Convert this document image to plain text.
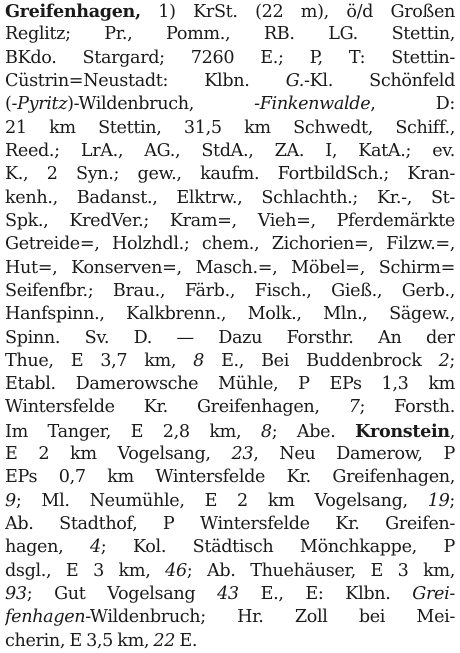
Greifenhagen, 1) KrSt. (22 m), ö/d Großen
Reglitz; Pr., Pomm., RB. LG. Stettin,
BKdo. Stargard; 7260 E.; P, T: Stettin-
Cüstrin=Neustadt: Klbn. G.-Kl. Schönfeld
(-Pyritz)-Wildenbruch, -Finkenwalde, D:
21 km Stettin, 31,5 km Schwedt, Schiff.,
Reed.; LrA., AG., StdA., ZA. I, KatA.; ev.
K., 2 Syn.; gew., kaufm. FortbildSch.; Kran-
kenh., Badanst., Elktrw., Schlachth.; Kr.-, St-
Spk., KredVer.; Kram=, Vieh=, Pferdemärkte
Getreide=, Holzhdl.; chem., Zichorien=, Filzw.=,
Hut=, Konserven=, Masch.=, Möbel=, Schirm=
Seifenfbr.; Brau., Färb., Fisch., Gieß., Gerb.,
Hanfspinn., Kalkbrenn., Molk., Mln., Sägew.,
Spinn. Sv. D. — Dazu Forsthr. An der
Thue, E 3,7 km, 8 E., Bei Buddenbrock 2;
Etabl. Damerowsche Mühle, P EPs 1,3 km
Wintersfelde Kr. Greifenhagen, 7; Forsth.
Im Tanger, E 2,8 km, 8; Abe. Kronstein,
E 2 km Vogelsang, 23, Neu Damerow, P
EPs 0,7 km Wintersfelde Kr. Greifenhagen,
9; Ml. Neumühle, E 2 km Vogelsang, 19;
Ab. Stadthof, P Wintersfelde Kr. Greifen-
hagen, 4; Kol. Städtisch Mönchkappe, P
dsgl., E 3 km, 46; Ab. Thuehäuser, E 3 km,
93; Gut Vogelsang 43 E., E: Klbn. Grei-
fenhagen-Wildenbruch; Hr. Zoll bei Mei-
cherin, E 3,5 km, 22 E.
